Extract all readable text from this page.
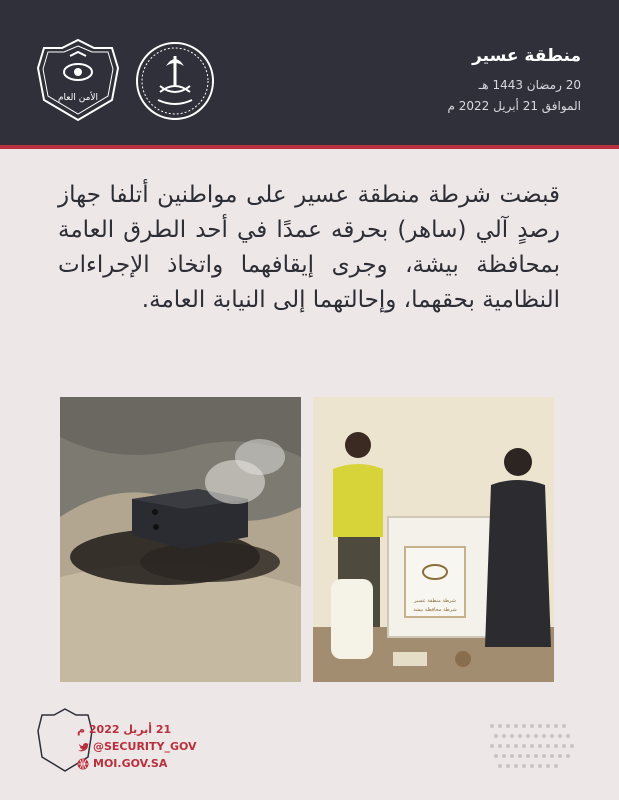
منطقة عسير
20 رمضان 1443 هـ
الموافق 21 أبريل 2022 م
الأمن العام
قبضت شرطة منطقة عسير على مواطنين أتلفا جهاز رصدٍ آلي (ساهر) بحرقه عمدًا في أحد الطرق العامة بمحافظة بيشة، وجرى إيقافهما واتخاذ الإجراءات النظامية بحقهما، وإحالتهما إلى النيابة العامة.
شرطة منطقة عسير
شرطة محافظة بيشة
21 أبريل 2022 م
@SECURITY_GOV
MOI.GOV.SA
